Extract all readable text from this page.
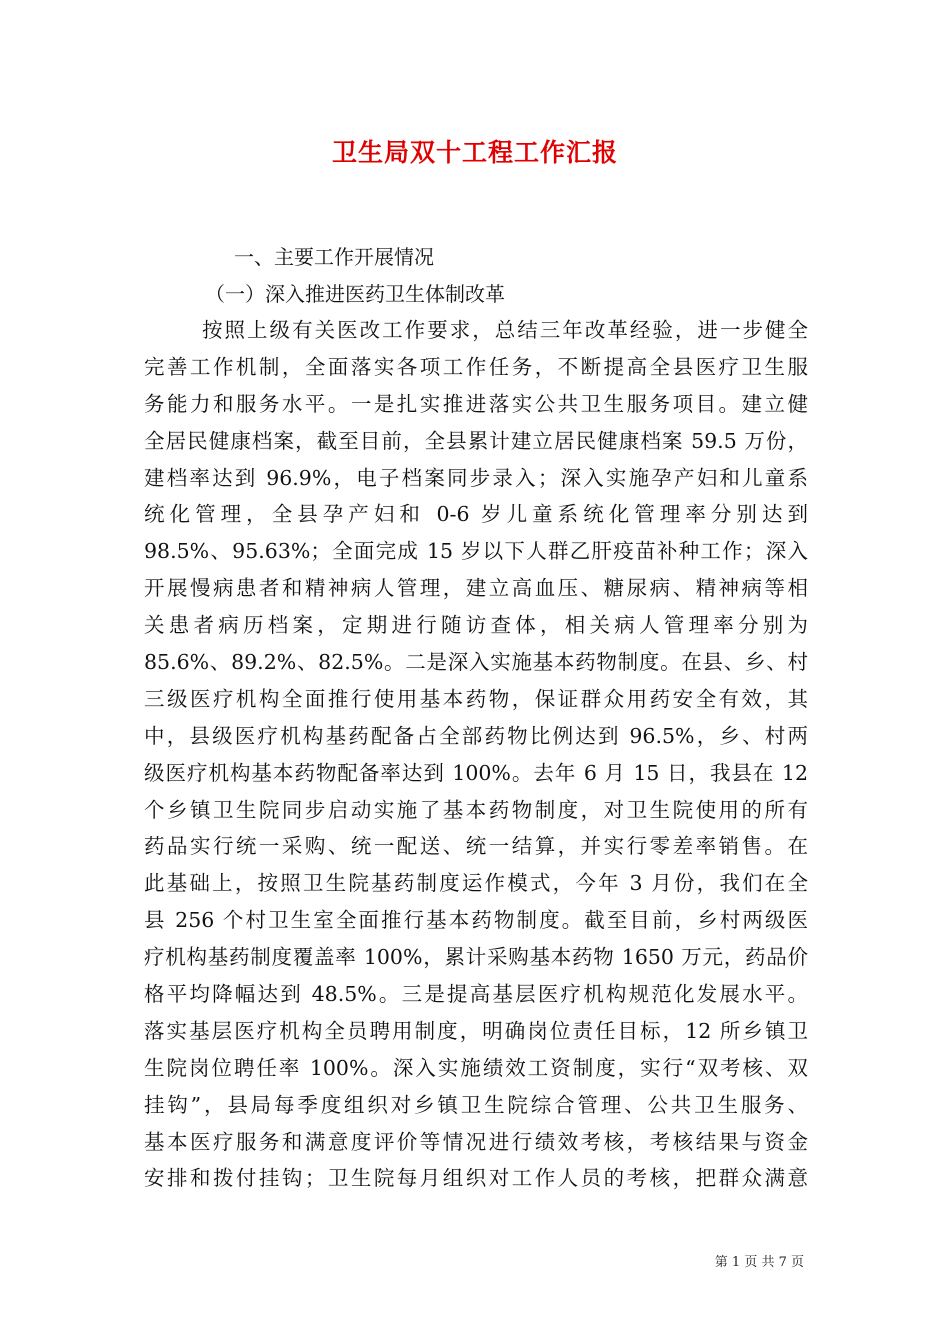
卫生局双十工程工作汇报

一、主要工作开展情况

（一）深入推进医药卫生体制改革

按照上级有关医改工作要求，总结三年改革经验，进一步健全
完善工作机制，全面落实各项工作任务，不断提高全县医疗卫生服
务能力和服务水平。一是扎实推进落实公共卫生服务项目。建立健
全居民健康档案，截至目前，全县累计建立居民健康档案 59.5 万份，
建档率达到 96.9%，电子档案同步录入；深入实施孕产妇和儿童系
统化管理，全县孕产妇和 0-6 岁儿童系统化管理率分别达到
98.5%、95.63%；全面完成 15 岁以下人群乙肝疫苗补种工作；深入
开展慢病患者和精神病人管理，建立高血压、糖尿病、精神病等相
关患者病历档案，定期进行随访查体，相关病人管理率分别为
85.6%、89.2%、82.5%。二是深入实施基本药物制度。在县、乡、村
三级医疗机构全面推行使用基本药物，保证群众用药安全有效，其
中，县级医疗机构基药配备占全部药物比例达到 96.5%，乡、村两
级医疗机构基本药物配备率达到 100%。去年 6 月 15 日，我县在 12
个乡镇卫生院同步启动实施了基本药物制度，对卫生院使用的所有
药品实行统一采购、统一配送、统一结算，并实行零差率销售。在
此基础上，按照卫生院基药制度运作模式，今年 3 月份，我们在全
县 256 个村卫生室全面推行基本药物制度。截至目前，乡村两级医
疗机构基药制度覆盖率 100%，累计采购基本药物 1650 万元，药品价
格平均降幅达到 48.5%。三是提高基层医疗机构规范化发展水平。
落实基层医疗机构全员聘用制度，明确岗位责任目标，12 所乡镇卫
生院岗位聘任率 100%。深入实施绩效工资制度，实行“双考核、双
挂钩”，县局每季度组织对乡镇卫生院综合管理、公共卫生服务、
基本医疗服务和满意度评价等情况进行绩效考核，考核结果与资金
安排和拨付挂钩；卫生院每月组织对工作人员的考核，把群众满意

第 1 页 共 7 页
